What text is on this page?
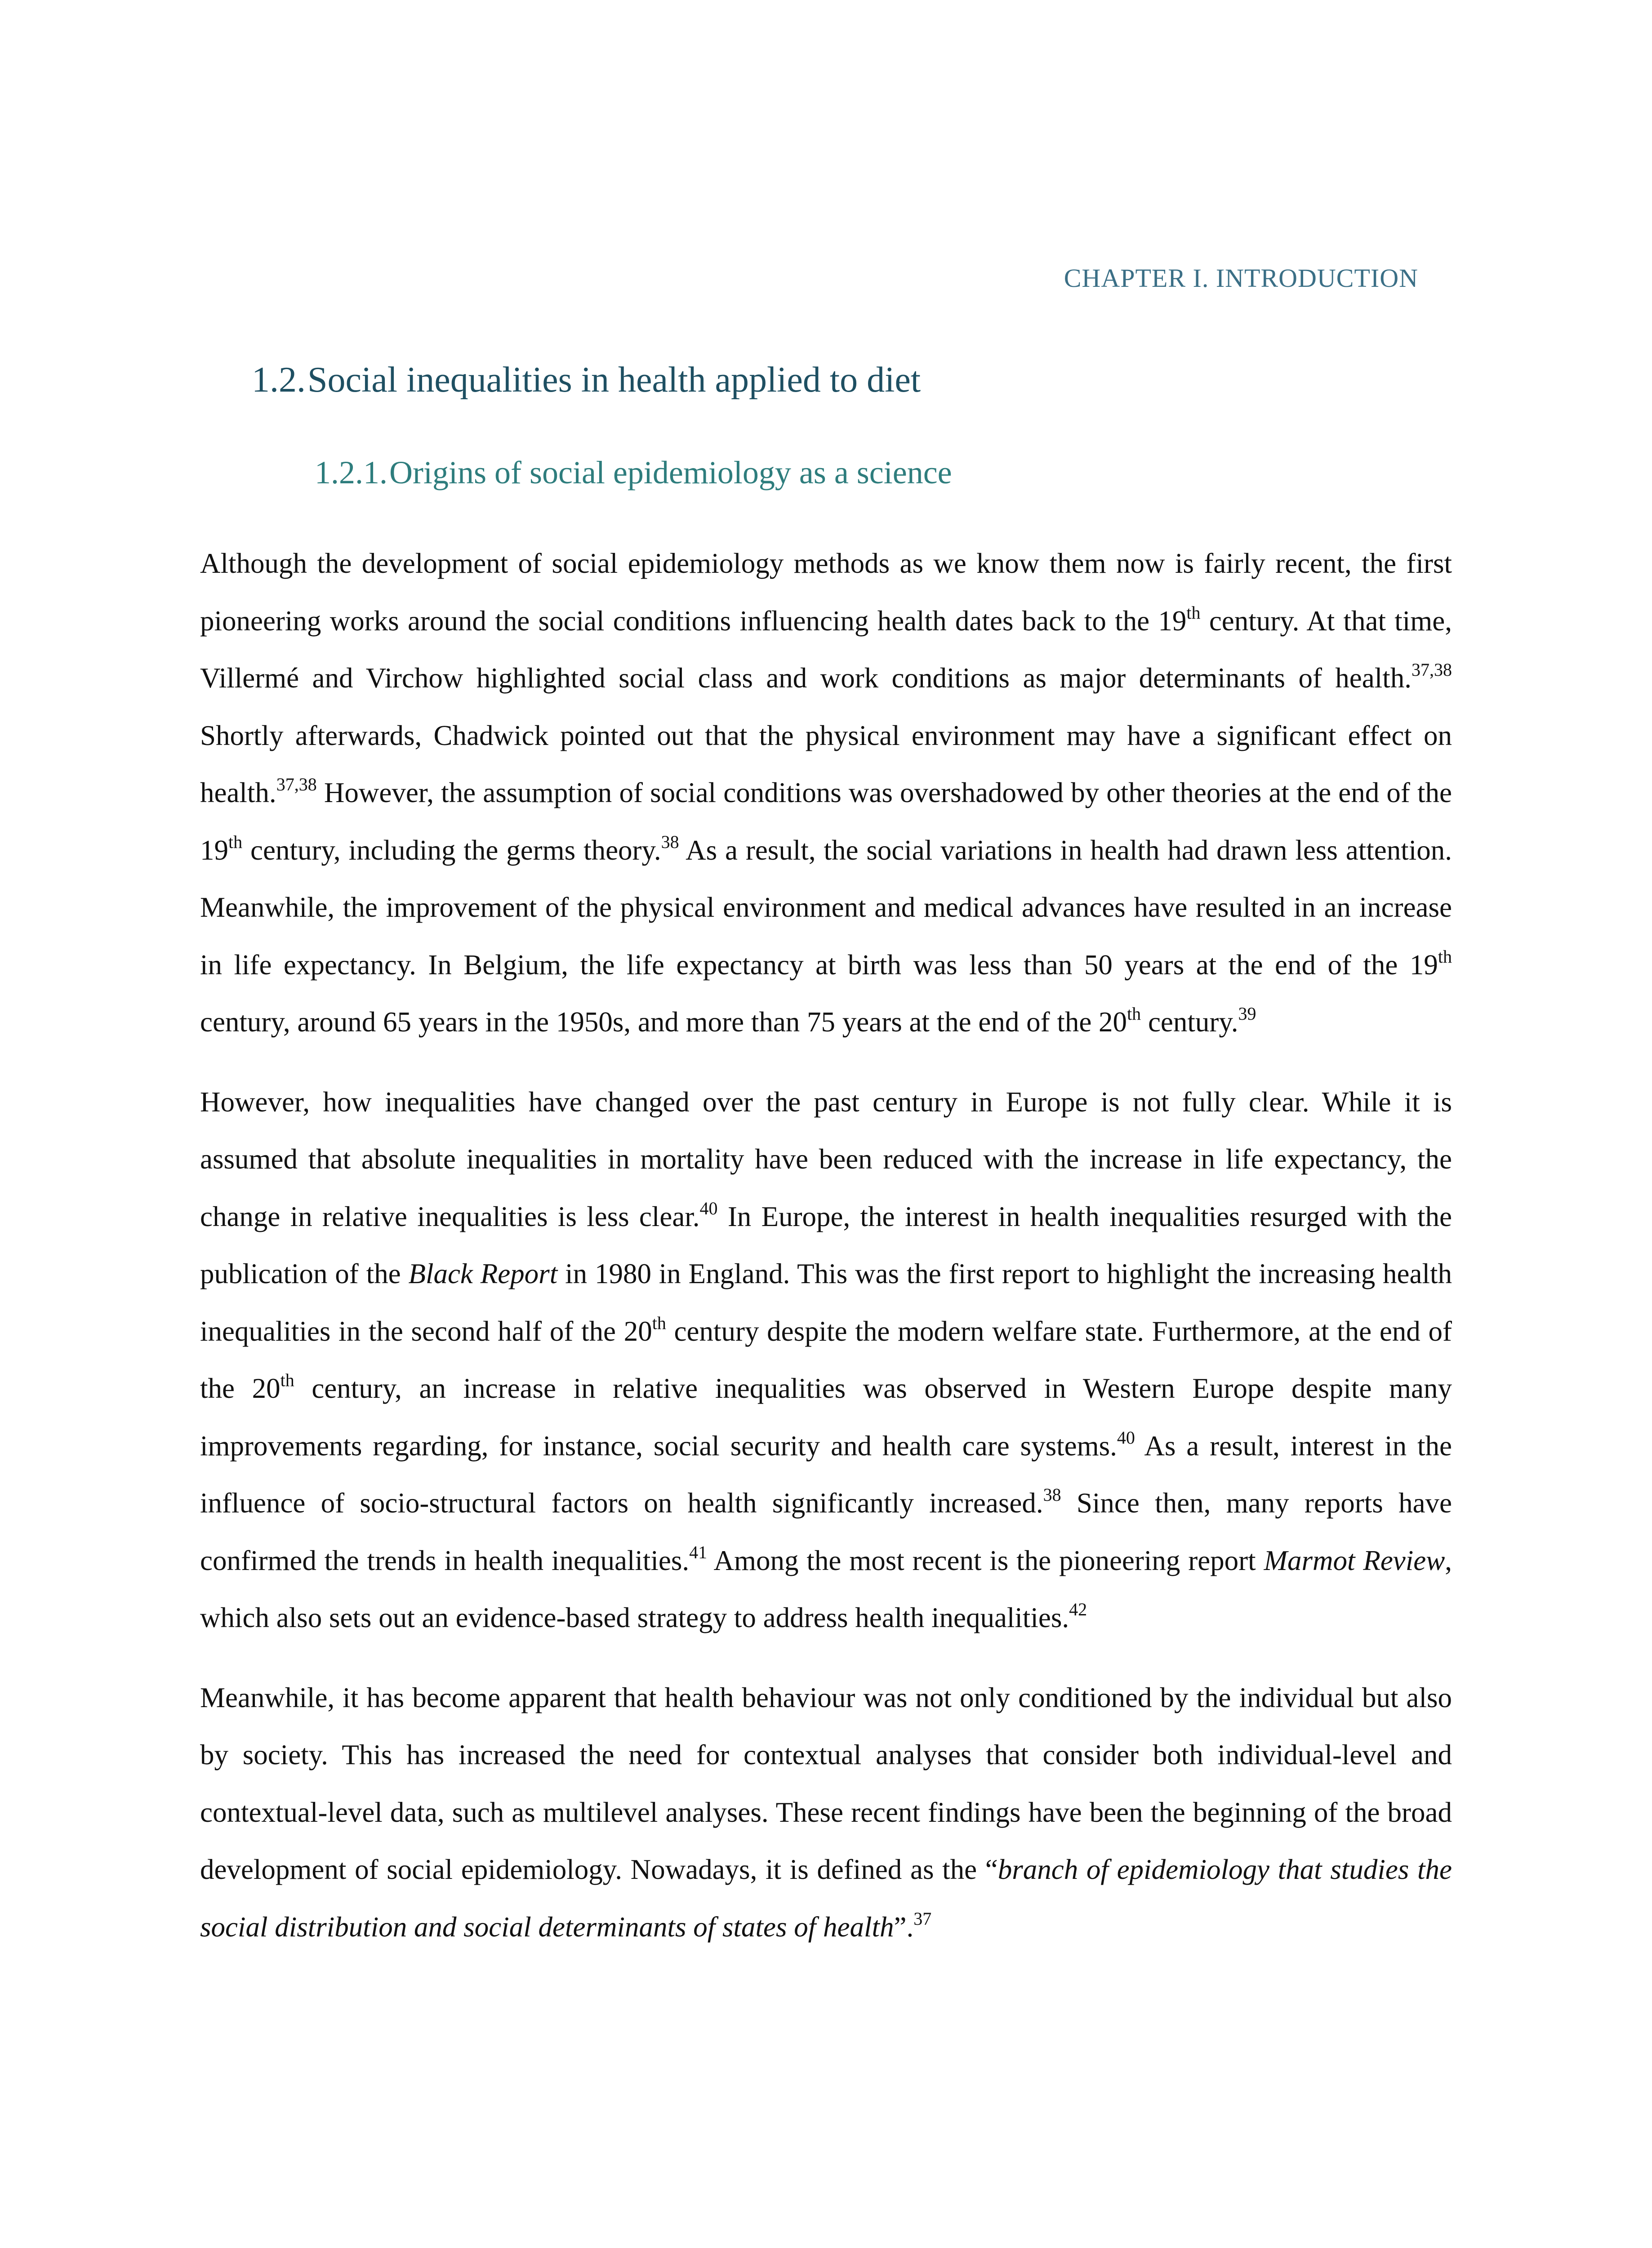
CHAPTER I. INTRODUCTION
1.2.Social inequalities in health applied to diet
1.2.1.Origins of social epidemiology as a science

Although the development of social epidemiology methods as we know them now is fairly recent, the first pioneering works around the social conditions influencing health dates back to the 19th century. At that time, Villermé and Virchow highlighted social class and work conditions as major determinants of health.$^{37,38}$ Shortly afterwards, Chadwick pointed out that the physical environment may have a significant effect on health.$^{37,38}$ However, the assumption of social conditions was overshadowed by other theories at the end of the 19th century, including the germs theory.$^{38}$ As a result, the social variations in health had drawn less attention. Meanwhile, the improvement of the physical environment and medical advances have resulted in an increase in life expectancy. In Belgium, the life expectancy at birth was less than 50 years at the end of the 19th century, around 65 years in the 1950s, and more than 75 years at the end of the 20th century.$^{39}$

However, how inequalities have changed over the past century in Europe is not fully clear. While it is assumed that absolute inequalities in mortality have been reduced with the increase in life expectancy, the change in relative inequalities is less clear.$^{40}$ In Europe, the interest in health inequalities resurged with the publication of the Black Report in 1980 in England. This was the first report to highlight the increasing health inequalities in the second half of the 20th century despite the modern welfare state. Furthermore, at the end of the 20th century, an increase in relative inequalities was observed in Western Europe despite many improvements regarding, for instance, social security and health care systems.$^{40}$ As a result, interest in the influence of socio-structural factors on health significantly increased.$^{38}$ Since then, many reports have confirmed the trends in health inequalities.$^{41}$ Among the most recent is the pioneering report Marmot Review, which also sets out an evidence-based strategy to address health inequalities.$^{42}$

Meanwhile, it has become apparent that health behaviour was not only conditioned by the individual but also by society. This has increased the need for contextual analyses that consider both individual-level and contextual-level data, such as multilevel analyses. These recent findings have been the beginning of the broad development of social epidemiology. Nowadays, it is defined as the “branch of epidemiology that studies the social distribution and social determinants of states of health”.$^{37}$
